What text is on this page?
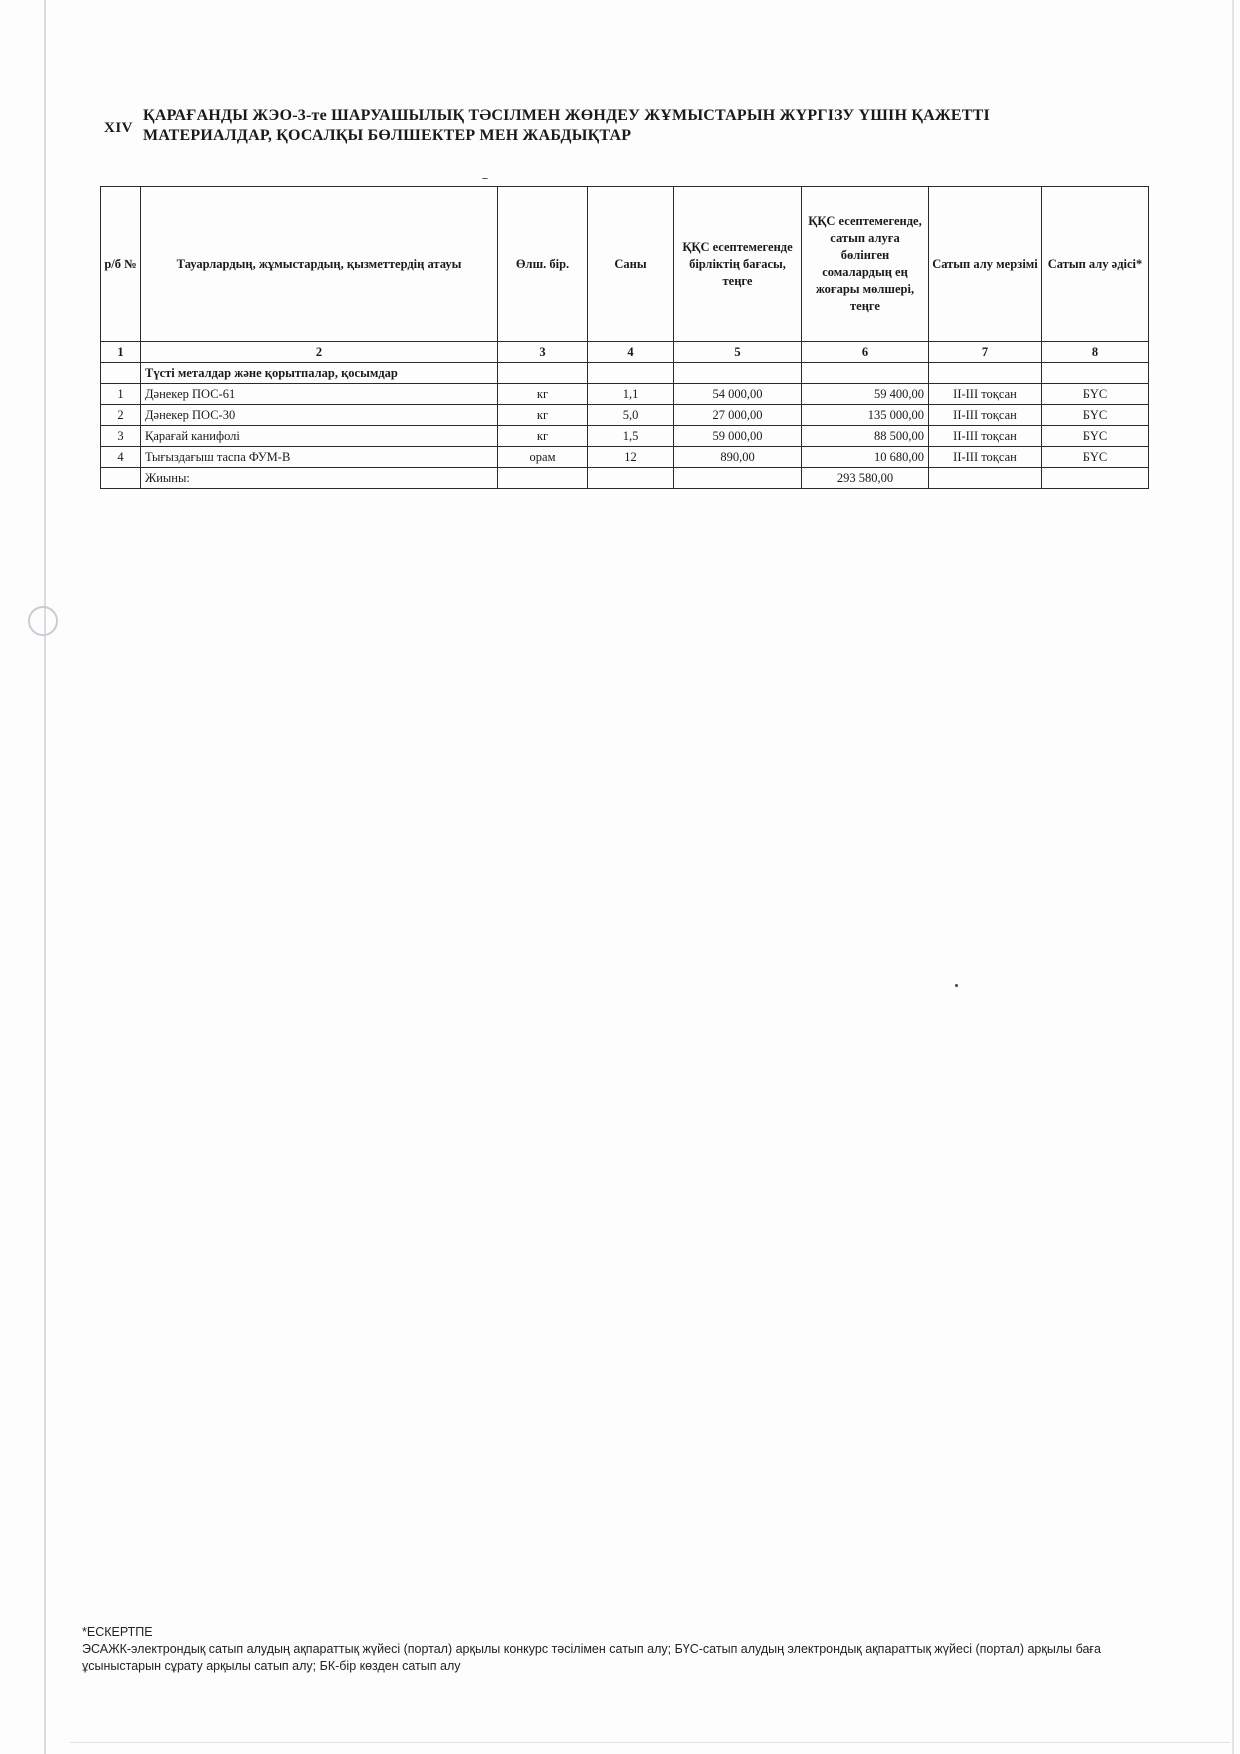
XIV
ҚАРАҒАНДЫ ЖЭО-3-те ШАРУАШЫЛЫҚ ТӘСІЛМЕН ЖӨНДЕУ ЖҰМЫСТАРЫН ЖҮРГІЗУ ҮШІН ҚАЖЕТТІ
МАТЕРИАЛДАР, ҚОСАЛҚЫ БӨЛШЕКТЕР МЕН ЖАБДЫҚТАР
р/б №	Тауарлардың, жұмыстардың, қызметтердің атауы	Өлш. бір.	Саны	ҚҚС есептемегенде бірліктің бағасы, теңге	ҚҚС есептемегенде, сатып алуға бөлінген сомалардың ең жоғары мөлшері, теңге	Сатып алу мерзімі	Сатып алу әдісі*
1	2	3	4	5	6	7	8
	Түсті металдар және қорытпалар, қосымдар						
1	Дәнекер ПОС-61	кг	1,1	54 000,00	59 400,00	II-III тоқсан	БҮС
2	Дәнекер ПОС-30	кг	5,0	27 000,00	135 000,00	II-III тоқсан	БҮС
3	Қарағай канифолі	кг	1,5	59 000,00	88 500,00	II-III тоқсан	БҮС
4	Тығыздағыш таспа ФУМ-В	орам	12	890,00	10 680,00	II-III тоқсан	БҮС
	Жиыны:				293 580,00		
*ЕСКЕРТПЕ
ЭСАЖК-электрондық сатып алудың ақпараттық жүйесі (портал) арқылы конкурс тәсілімен сатып алу; БҮС-сатып алудың электрондық ақпараттық жүйесі (портал) арқылы баға ұсыныстарын сұрату арқылы сатып алу; БК-бір көзден сатып алу
